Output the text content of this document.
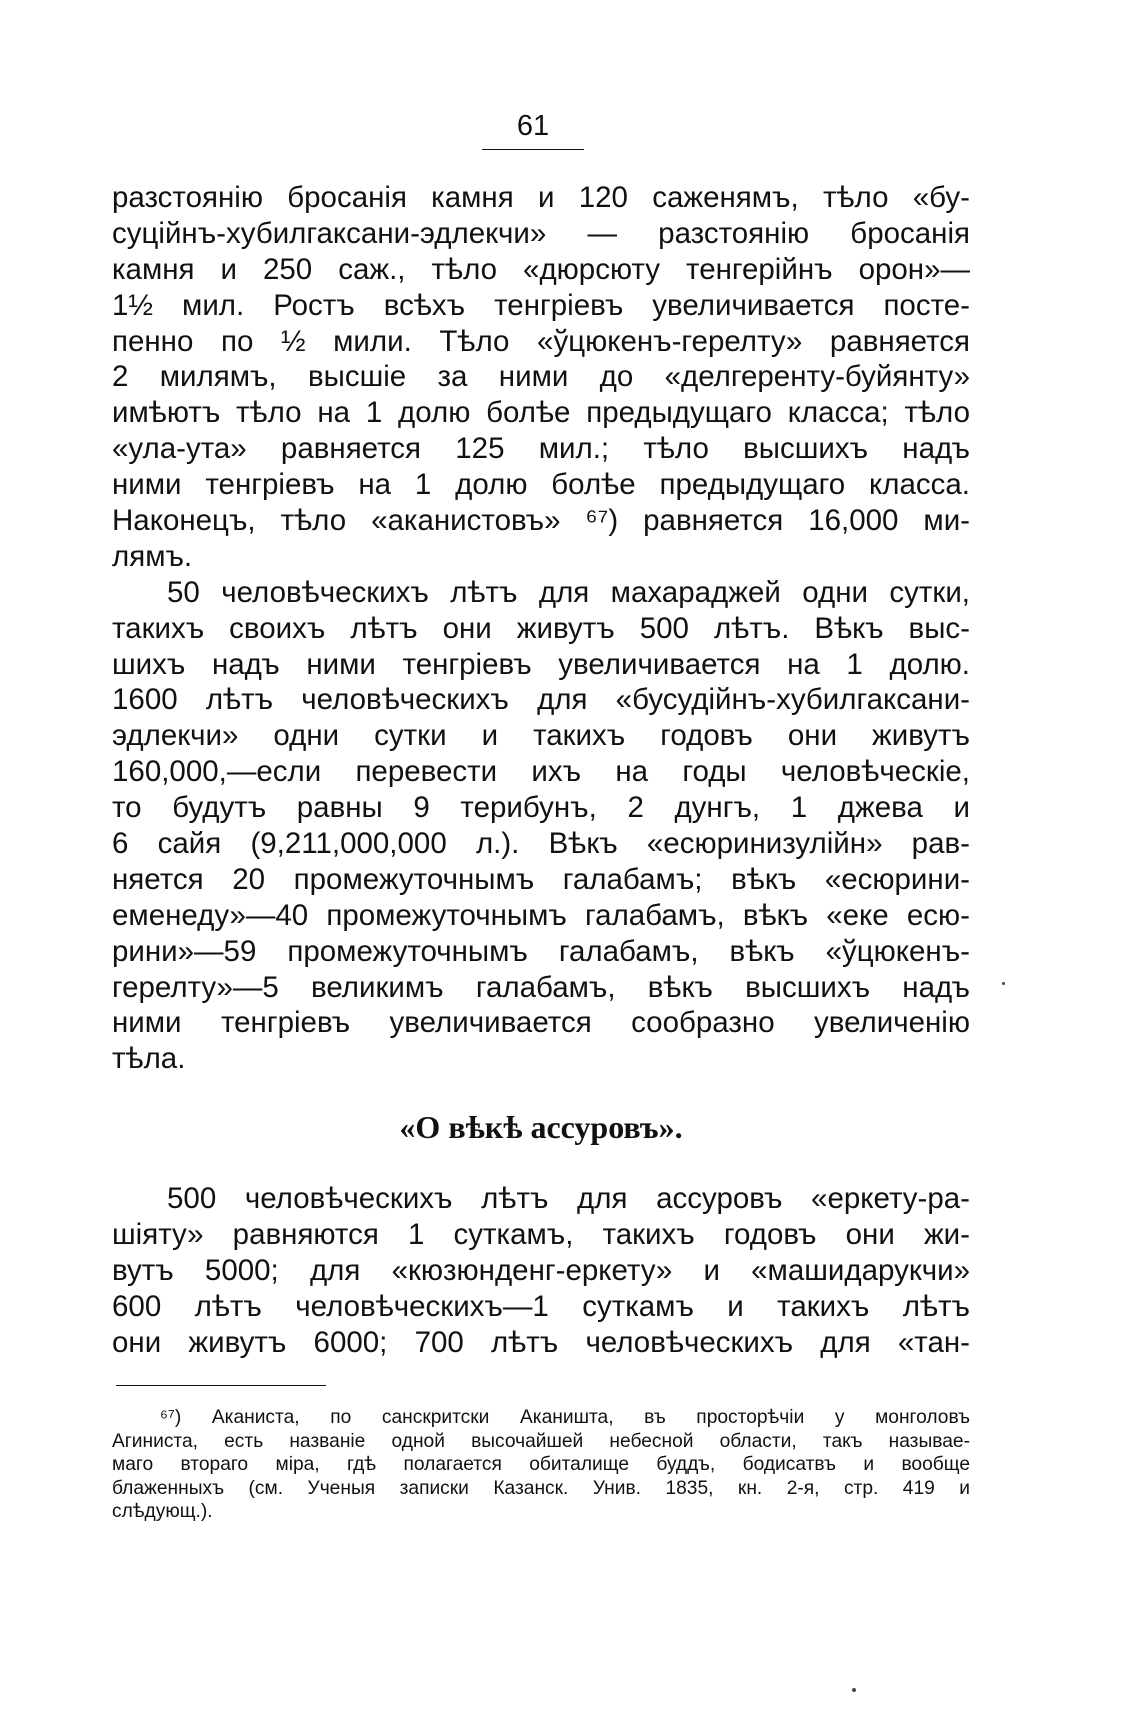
61
разстоянію бросанія камня и 120 саженямъ, тѣло «бу-
суційнъ-хубилгаксани-эдлекчи» — разстоянію бросанія
камня и 250 саж., тѣло «дюрсюту тенгерійнъ орон»—
1½ мил. Ростъ всѣхъ тенгріевъ увеличивается посте-
пенно по ½ мили. Тѣло «ўцюкенъ-герелту» равняется
2 милямъ, высшіе за ними до «делгеренту-буйянту»
имѣютъ тѣло на 1 долю болѣе предыдущаго класса; тѣло
«ула-ута» равняется 125 мил.; тѣло высшихъ надъ
ними тенгріевъ на 1 долю болѣе предыдущаго класса.
Наконецъ, тѣло «аканистовъ» ⁶⁷) равняется 16,000 ми-
лямъ.
50 человѣческихъ лѣтъ для махараджей одни сутки,
такихъ своихъ лѣтъ они живутъ 500 лѣтъ. Вѣкъ выс-
шихъ надъ ними тенгріевъ увеличивается на 1 долю.
1600 лѣтъ человѣческихъ для «бусудійнъ-хубилгаксани-
эдлекчи» одни сутки и такихъ годовъ они живутъ
160,000,—если перевести ихъ на годы человѣческіе,
то будутъ равны 9 терибунъ, 2 дунгъ, 1 джева и
6 сайя (9,211,000,000 л.). Вѣкъ «есюринизулійн» рав-
няется 20 промежуточнымъ галабамъ; вѣкъ «есюрини-
еменеду»—40 промежуточнымъ галабамъ, вѣкъ «еке есю-
рини»—59 промежуточнымъ галабамъ, вѣкъ «ўцюкенъ-
герелту»—5 великимъ галабамъ, вѣкъ высшихъ надъ
ними тенгріевъ увеличивается сообразно увеличенію
тѣла.
«О вѣкѣ ассуровъ».
500 человѣческихъ лѣтъ для ассуровъ «еркету-ра-
шіяту» равняются 1 суткамъ, такихъ годовъ они жи-
вутъ 5000; для «кюзюнденг-еркету» и «машидарукчи»
600 лѣтъ человѣческихъ—1 суткамъ и такихъ лѣтъ
они живутъ 6000; 700 лѣтъ человѣческихъ для «тан-
⁶⁷) Аканиста, по санскритски Аканишта, въ просторѣчіи у монголовъ
Агиниста, есть названіе одной высочайшей небесной области, такъ называе-
маго втораго міра, гдѣ полагается обиталище буддъ, бодисатвъ и вообще
блаженныхъ (см. Ученыя записки Казанск. Унив. 1835, кн. 2-я, стр. 419 и
слѣдующ.).
